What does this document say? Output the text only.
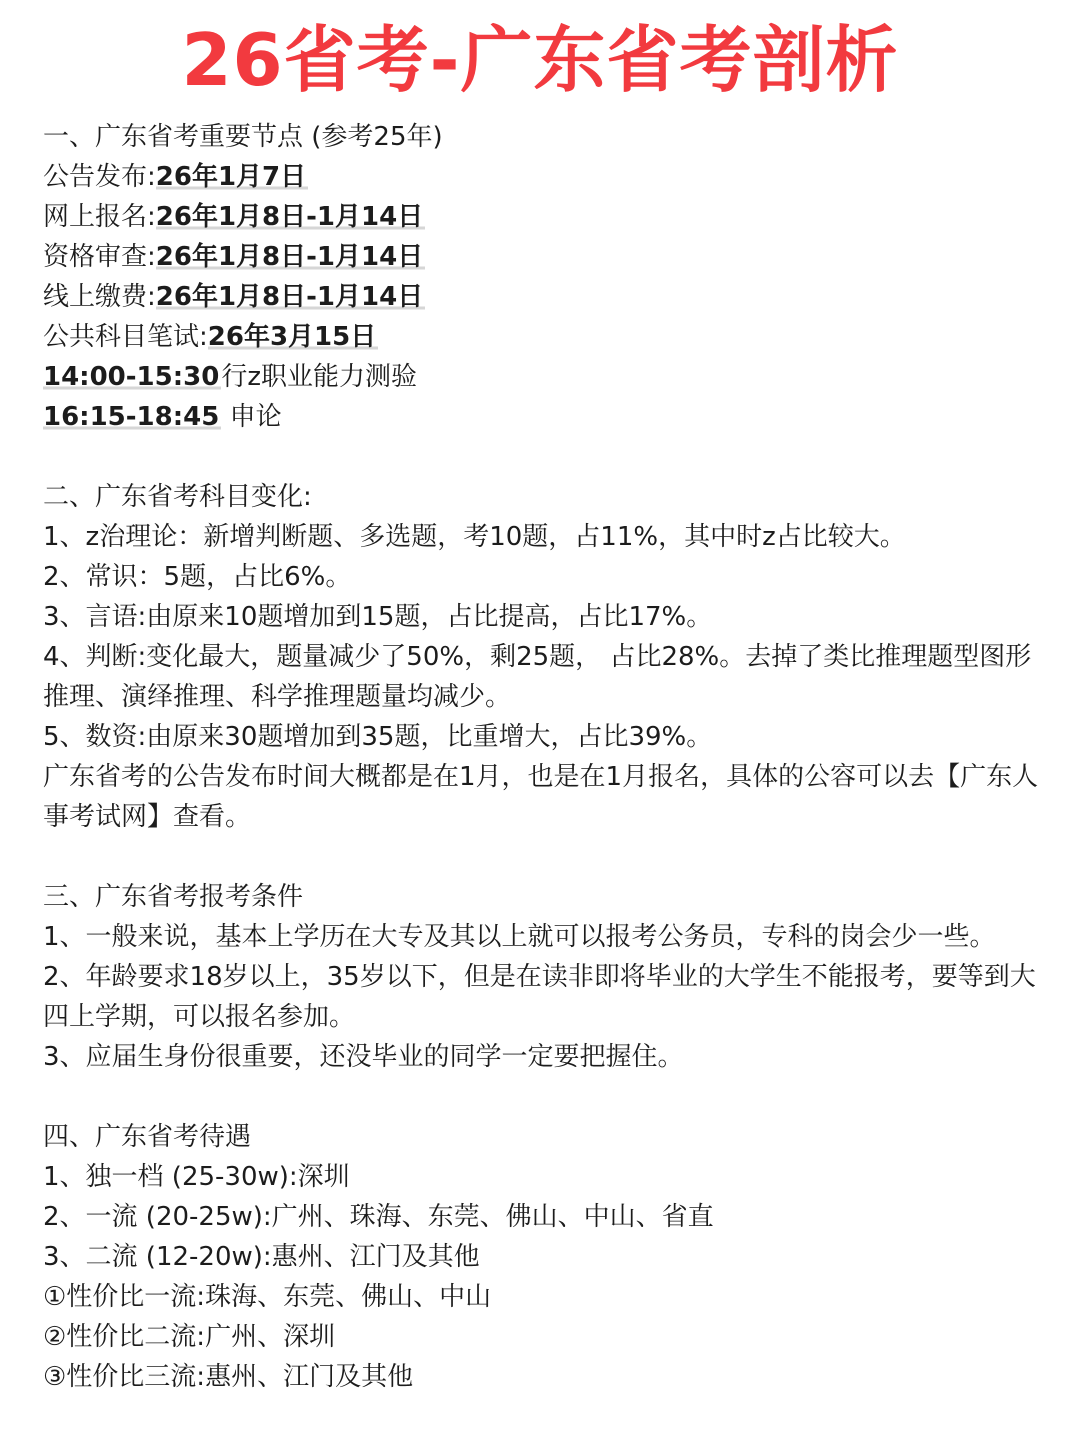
26省考-广东省考剖析
一、广东省考重要节点 (参考25年)
公告发布:26年1月7日
网上报名:26年1月8日-1月14日
资格审查:26年1月8日-1月14日
线上缴费:26年1月8日-1月14日
公共科目笔试:26年3月15日
14:00-15:30行z职业能力测验
16:15-18:45 申论
二、广东省考科目变化:
1、z治理论：新增判断题、多选题，考10题，占11%，其中时z占比较大。
2、常识：5题，占比6%。
3、言语:由原来10题增加到15题，占比提高，占比17%。
4、判断:变化最大，题量减少了50%，剩25题， 占比28%。去掉了类比推理题型图形推理、演绎推理、科学推理题量均减少。
5、数资:由原来30题增加到35题，比重增大，占比39%。
广东省考的公告发布时间大概都是在1月，也是在1月报名，具体的公容可以去【广东人事考试网】查看。
三、广东省考报考条件
1、一般来说，基本上学历在大专及其以上就可以报考公务员，专科的岗会少一些。
2、年龄要求18岁以上，35岁以下，但是在读非即将毕业的大学生不能报考，要等到大四上学期，可以报名参加。
3、应届生身份很重要，还没毕业的同学一定要把握住。
四、广东省考待遇
1、独一档 (25-30w):深圳
2、一流 (20-25w):广州、珠海、东莞、佛山、中山、省直
3、二流 (12-20w):惠州、江门及其他
①性价比一流:珠海、东莞、佛山、中山
②性价比二流:广州、深圳
③性价比三流:惠州、江门及其他
